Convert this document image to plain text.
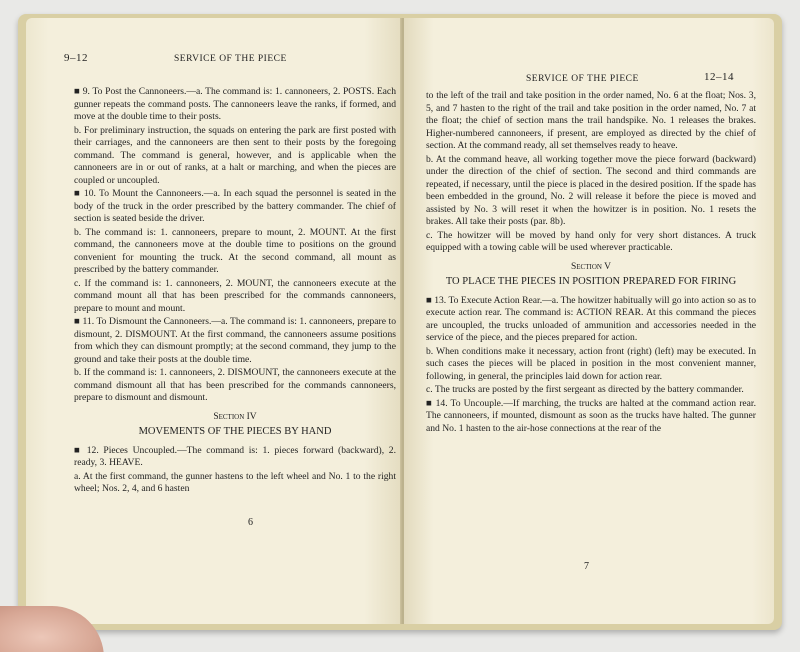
9–12	SERVICE OF THE PIECE

■ 9. To Post the Cannoneers.—a. The command is: 1. cannoneers, 2. POSTS. Each gunner repeats the command posts. The cannoneers leave the ranks, if formed, and move at the double time to their posts.

b. For preliminary instruction, the squads on entering the park are first posted with their carriages, and the cannoneers are then sent to their posts by the foregoing command. The command is general, however, and is applicable when the cannoneers are in or out of ranks, at a halt or marching, and when the pieces are coupled or uncoupled.

■ 10. To Mount the Cannoneers.—a. In each squad the personnel is seated in the body of the truck in the order prescribed by the battery commander. The chief of section is seated beside the driver.

b. The command is: 1. cannoneers, prepare to mount, 2. MOUNT. At the first command, the cannoneers move at the double time to positions on the ground convenient for mounting the truck. At the second command, all mount as prescribed by the battery commander.

c. If the command is: 1. cannoneers, 2. MOUNT, the cannoneers execute at the command mount all that has been prescribed for the commands cannoneers, prepare to mount and mount.

■ 11. To Dismount the Cannoneers.—a. The command is: 1. cannoneers, prepare to dismount, 2. DISMOUNT. At the first command, the cannoneers assume positions from which they can dismount promptly; at the second command, they jump to the ground and take their posts at the double time.

b. If the command is: 1. cannoneers, 2. DISMOUNT, the cannoneers execute at the command dismount all that has been prescribed for the commands cannoneers, prepare to dismount and dismount.

Section IV
MOVEMENTS OF THE PIECES BY HAND

■ 12. Pieces Uncoupled.—The command is: 1. pieces forward (backward), 2. ready, 3. HEAVE.

a. At the first command, the gunner hastens to the left wheel and No. 1 to the right wheel; Nos. 2, 4, and 6 hasten

6
SERVICE OF THE PIECE	12–14

to the left of the trail and take position in the order named, No. 6 at the float; Nos. 3, 5, and 7 hasten to the right of the trail and take position in the order named, No. 7 at the float; the chief of section mans the trail handspike. No. 1 releases the brakes. Higher-numbered cannoneers, if present, are employed as directed by the chief of section. At the command ready, all set themselves ready to heave.

b. At the command heave, all working together move the piece forward (backward) under the direction of the chief of section. The second and third commands are repeated, if necessary, until the piece is placed in the desired position. If the spade has been embedded in the ground, No. 2 will release it before the piece is moved and assisted by No. 3 will reset it when the howitzer is in position. No. 1 resets the brakes. All take their posts (par. 8b).

c. The howitzer will be moved by hand only for very short distances. A truck equipped with a towing cable will be used wherever practicable.

Section V
TO PLACE THE PIECES IN POSITION PREPARED FOR FIRING

■ 13. To Execute Action Rear.—a. The howitzer habitually will go into action so as to execute action rear. The command is: ACTION REAR. At this command the pieces are uncoupled, the trucks unloaded of ammunition and accessories needed in the service of the piece, and the pieces prepared for action.

b. When conditions make it necessary, action front (right) (left) may be executed. In such cases the pieces will be placed in position in the most convenient manner, following, in general, the principles laid down for action rear.

c. The trucks are posted by the first sergeant as directed by the battery commander.

■ 14. To Uncouple.—If marching, the trucks are halted at the command action rear. The cannoneers, if mounted, dismount as soon as the trucks have halted. The gunner and No. 1 hasten to the air-hose connections at the rear of the

7
